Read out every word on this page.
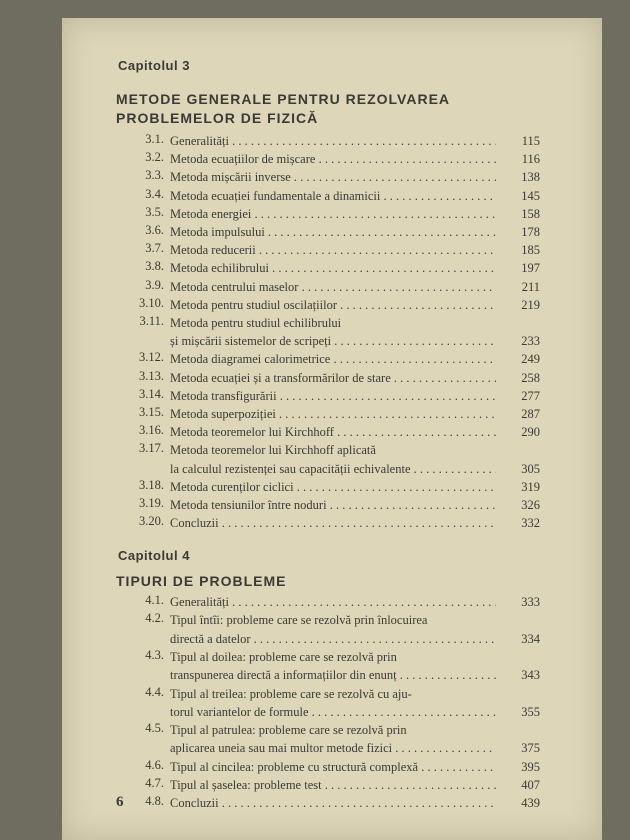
Capitolul 3
METODE GENERALE PENTRU REZOLVAREA
PROBLEMELOR DE FIZICĂ
3.1. Generalități . . .	115
3.2. Metoda ecuațiilor de mișcare . . .	116
3.3. Metoda mișcării inverse . . .	138
3.4. Metoda ecuației fundamentale a dinamicii . . .	145
3.5. Metoda energiei . . .	158
3.6. Metoda impulsului . . .	178
3.7. Metoda reducerii . . .	185
3.8. Metoda echilibrului . . .	197
3.9. Metoda centrului maselor . . .	211
3.10. Metoda pentru studiul oscilațiilor . . .	219
3.11. Metoda pentru studiul echilibrului
și mișcării sistemelor de scripeți . . .	233
3.12. Metoda diagramei calorimetrice . . .	249
3.13. Metoda ecuației și a transformărilor de stare . . .	258
3.14. Metoda transfigurării . . .	277
3.15. Metoda superpoziției . . .	287
3.16. Metoda teoremelor lui Kirchhoff . . .	290
3.17. Metoda teoremelor lui Kirchhoff aplicată
la calculul rezistenței sau capacității echivalente . . .	305
3.18. Metoda curenților ciclici . . .	319
3.19. Metoda tensiunilor între noduri . . .	326
3.20. Concluzii . . .	332
Capitolul 4
TIPURI DE PROBLEME
4.1. Generalități . . .	333
4.2. Tipul întîi: probleme care se rezolvă prin înlocuirea
directă a datelor . . .	334
4.3. Tipul al doilea: probleme care se rezolvă prin
transpunerea directă a informațiilor din enunț . . .	343
4.4. Tipul al treilea: probleme care se rezolvă cu aju-
torul variantelor de formule . . .	355
4.5. Tipul al patrulea: probleme care se rezolvă prin
aplicarea uneia sau mai multor metode fizici . . .	375
4.6. Tipul al cincilea: probleme cu structură complexă . . .	395
4.7. Tipul al șaselea: probleme test . . .	407
4.8. Concluzii . . .	439
6
